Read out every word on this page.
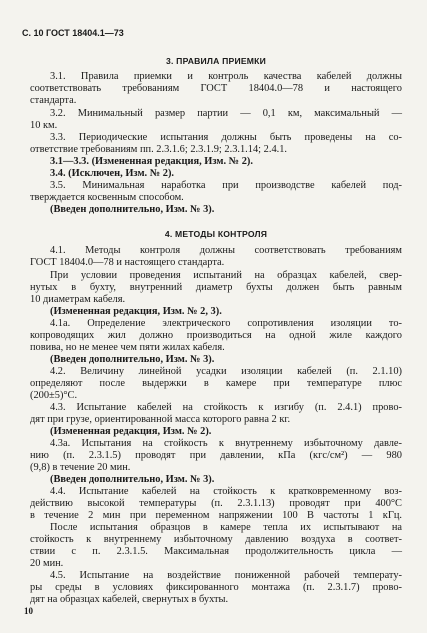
С. 10 ГОСТ 18404.1—73
3. ПРАВИЛА ПРИЕМКИ
3.1. Правила приемки и контроль качества кабелей должны
соответствовать требованиям ГОСТ 18404.0—78 и настоящего
стандарта.
3.2. Минимальный размер партии — 0,1 км, максимальный —
10 км.
3.3. Периодические испытания должны быть проведены на со-
ответствие требованиям пп. 2.3.1.6; 2.3.1.9; 2.3.1.14; 2.4.1.
3.1—3.3. (Измененная редакция, Изм. № 2).
3.4. (Исключен, Изм. № 2).
3.5. Минимальная наработка при производстве кабелей под-
тверждается косвенным способом.
(Введен дополнительно, Изм. № 3).
4. МЕТОДЫ КОНТРОЛЯ
4.1. Методы контроля должны соответствовать требованиям
ГОСТ 18404.0—78 и настоящего стандарта.
При условии проведения испытаний на образцах кабелей, свер-
нутых в бухту, внутренний диаметр бухты должен быть равным
10 диаметрам кабеля.
(Измененная редакция, Изм. № 2, 3).
4.1а. Определение электрического сопротивления изоляции то-
копроводящих жил должно производиться на одной жиле каждого
повива, но не менее чем пяти жилах кабеля.
(Введен дополнительно, Изм. № 3).
4.2. Величину линейной усадки изоляции кабелей (п. 2.1.10)
определяют после выдержки в камере при температуре плюс
(200±5)°С.
4.3. Испытание кабелей на стойкость к изгибу (п. 2.4.1) прово-
дят при грузе, ориентированной масса которого равна 2 кг.
(Измененная редакция, Изм. № 2).
4.3а. Испытания на стойкость к внутреннему избыточному давле-
нию (п. 2.3.1.5) проводят при давлении, кПа (кгс/см²) — 980
(9,8) в течение 20 мин.
(Введен дополнительно, Изм. № 3).
4.4. Испытание кабелей на стойкость к кратковременному воз-
действию высокой температуры (п. 2.3.1.13) проводят при 400°С
в течение 2 мин при переменном напряжении 100 В частоты 1 кГц.
После испытания образцов в камере тепла их испытывают на
стойкость к внутреннему избыточному давлению воздуха в соответ-
ствии с п. 2.3.1.5. Максимальная продолжительность цикла —
20 мин.
4.5. Испытание на воздействие пониженной рабочей температу-
ры среды в условиях фиксированного монтажа (п. 2.3.1.7) прово-
дят на образцах кабелей, свернутых в бухты.
10
